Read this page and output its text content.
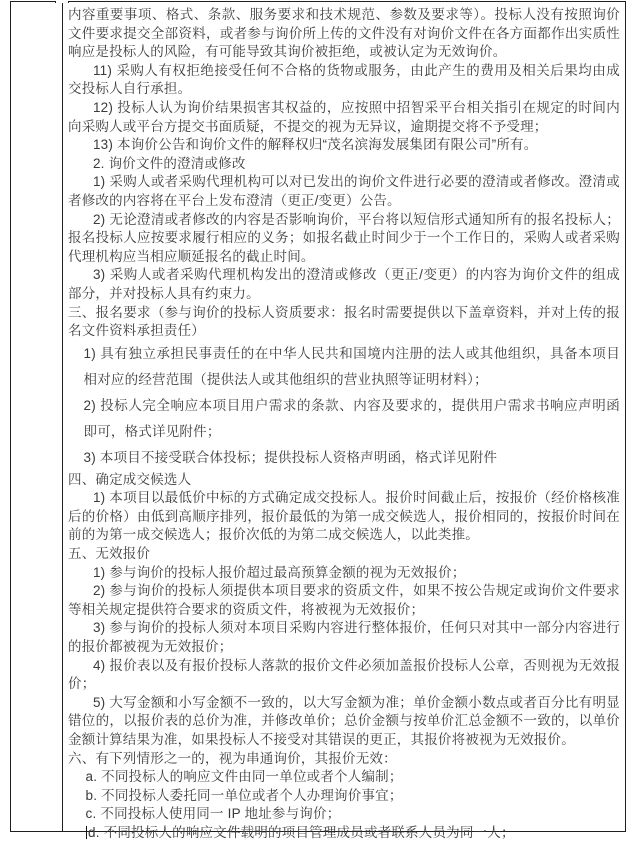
内容重要事项、格式、条款、服务要求和技术规范、参数及要求等）。投标人没有按照询价文件要求提交全部资料，或者参与询价所上传的文件没有对询价文件在各方面都作出实质性响应是投标人的风险，有可能导致其询价被拒绝，或被认定为无效询价。

11) 采购人有权拒绝接受任何不合格的货物或服务，由此产生的费用及相关后果均由成交投标人自行承担。

12) 投标人认为询价结果损害其权益的，应按照中招智采平台相关指引在规定的时间内向采购人或平台方提交书面质疑，不提交的视为无异议，逾期提交将不予受理；

13) 本询价公告和询价文件的解释权归“茂名滨海发展集团有限公司”所有。

2. 询价文件的澄清或修改

1) 采购人或者采购代理机构可以对已发出的询价文件进行必要的澄清或者修改。澄清或者修改的内容将在平台上发布澄清（更正/变更）公告。

2) 无论澄清或者修改的内容是否影响询价，平台将以短信形式通知所有的报名投标人；报名投标人应按要求履行相应的义务；如报名截止时间少于一个工作日的，采购人或者采购代理机构应当相应顺延报名的截止时间。

3) 采购人或者采购代理机构发出的澄清或修改（更正/变更）的内容为询价文件的组成部分，并对投标人具有约束力。

三、报名要求（参与询价的投标人资质要求：报名时需要提供以下盖章资料，并对上传的报名文件资料承担责任）

1) 具有独立承担民事责任的在中华人民共和国境内注册的法人或其他组织，具备本项目相对应的经营范围（提供法人或其他组织的营业执照等证明材料）；

2) 投标人完全响应本项目用户需求的条款、内容及要求的，提供用户需求书响应声明函即可，格式详见附件；

3) 本项目不接受联合体投标；提供投标人资格声明函，格式详见附件

四、确定成交候选人

1) 本项目以最低价中标的方式确定成交投标人。报价时间截止后，按报价（经价格核准后的价格）由低到高顺序排列，报价最低的为第一成交候选人，报价相同的，按报价时间在前的为第一成交候选人；报价次低的为第二成交候选人，以此类推。

五、无效报价

1) 参与询价的投标人报价超过最高预算金额的视为无效报价；

2) 参与询价的投标人须提供本项目要求的资质文件，如果不按公告规定或询价文件要求等相关规定提供符合要求的资质文件，将被视为无效报价；

3) 参与询价的投标人须对本项目采购内容进行整体报价，任何只对其中一部分内容进行的报价都被视为无效报价；

4) 报价表以及有报价投标人落款的报价文件必须加盖报价投标人公章，否则视为无效报价；

5) 大写金额和小写金额不一致的，以大写金额为准；单价金额小数点或者百分比有明显错位的，以报价表的总价为准，并修改单价；总价金额与按单价汇总金额不一致的，以单价金额计算结果为准，如果投标人不接受对其错误的更正，其报价将被视为无效报价。

六、有下列情形之一的，视为串通询价，其报价无效：

a. 不同投标人的响应文件由同一单位或者个人编制；

b. 不同投标人委托同一单位或者个人办理询价事宜；

c. 不同投标人使用同一 IP 地址参与询价；

d. 不同投标人的响应文件载明的项目管理成员或者联系人员为同一人；
